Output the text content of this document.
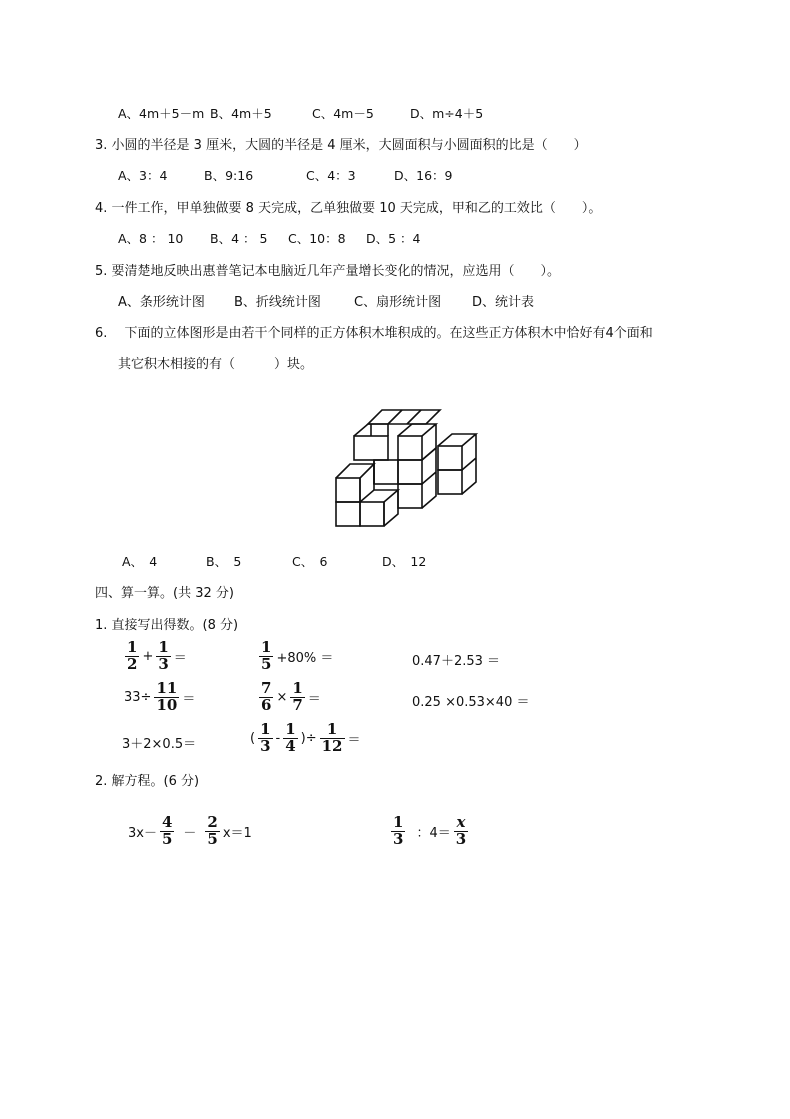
A、4m＋5－m B、4m＋5	C、4m－5	D、m÷4＋5
3. 小圆的半径是 3 厘米，大圆的半径是 4 厘米，大圆面积与小圆面积的比是（　　）
A、3：4	B、9:16	C、4：3	D、16：9
4. 一件工作，甲单独做要 8 天完成，乙单独做要 10 天完成，甲和乙的工效比（　　）。
A、8 ： 10 B、4 ： 5 C、10：8 D、5 ：4
5. 要清楚地反映出惠普笔记本电脑近几年产量增长变化的情况，应选用（　　）。
A、条形统计图 B、折线统计图	C、扇形统计图 D、统计表
6.　 下面的立体图形是由若干个同样的正方体积木堆积成的。在这些正方体积木中恰好有4个面和
其它积木相接的有（　　　）块。
A、　4	B、　5	C、　6	D、　12
四、算一算。(共 32 分)
1. 直接写出得数。(8 分)
$\frac{1}{2} + \frac{1}{3}$ ＝	$\frac{1}{5} +80\%$ ＝	0.47＋2.53 ＝
$33\div \frac{11}{10}$ ＝	$\frac{7}{6} \times \frac{1}{7}$ ＝	0.25 ×0.53×40 ＝
3＋2×0.5＝	( $\frac{1}{3} - \frac{1}{4}$ )÷ $\frac{1}{12}$ ＝
2. 解方程。(6 分)
$3x- \frac{4}{5} - \frac{2}{5} x=1$	$\frac{1}{3}$ ：$4= \frac{x}{3}$
